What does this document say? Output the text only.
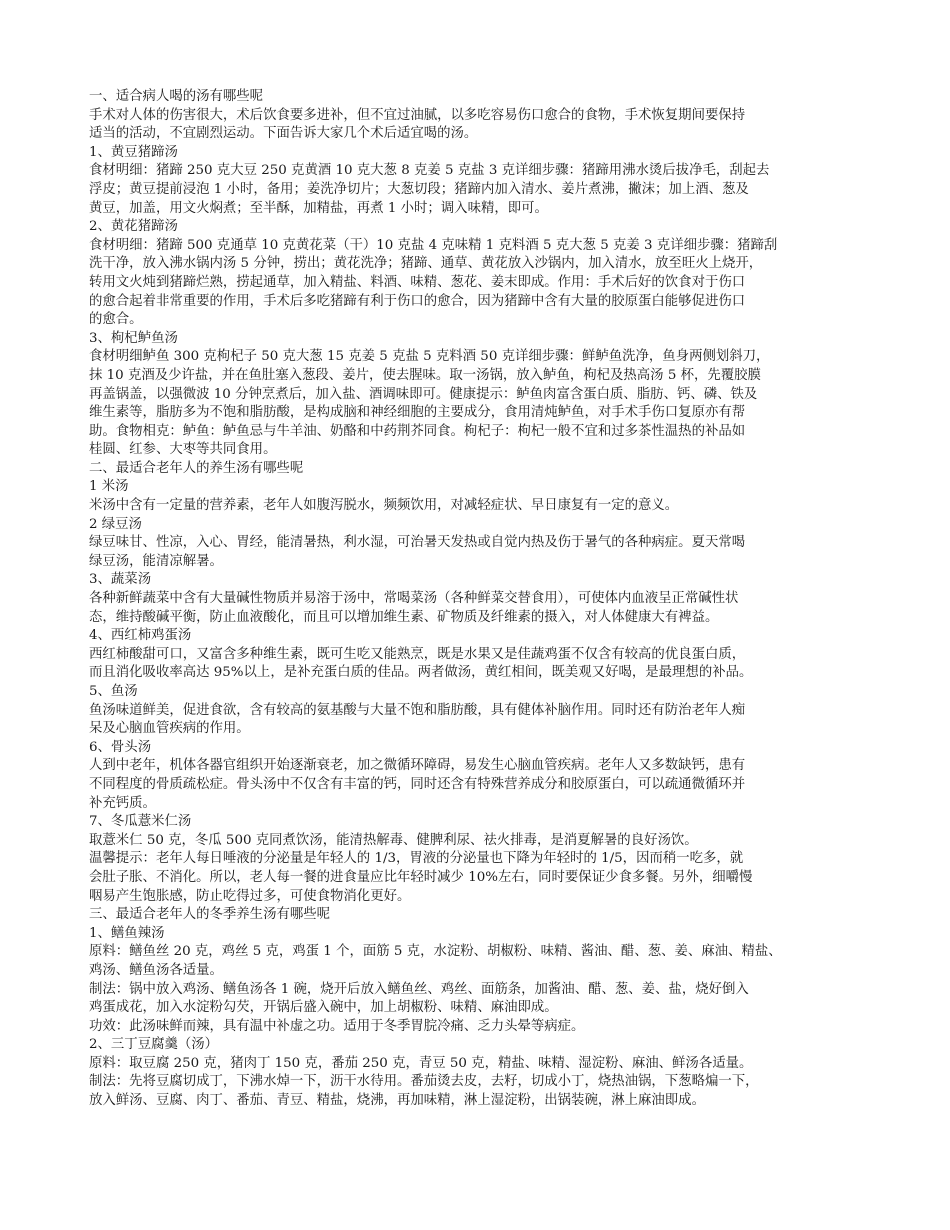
一、适合病人喝的汤有哪些呢
手术对人体的伤害很大，术后饮食要多进补，但不宜过油腻，以多吃容易伤口愈合的食物，手术恢复期间要保持
适当的活动，不宜剧烈运动。下面告诉大家几个术后适宜喝的汤。
1、黄豆猪蹄汤
食材明细：猪蹄 250 克大豆 250 克黄酒 10 克大葱 8 克姜 5 克盐 3 克详细步骤：猪蹄用沸水烫后拔净毛，刮起去
浮皮；黄豆提前浸泡 1 小时，备用；姜洗净切片；大葱切段；猪蹄内加入清水、姜片煮沸，撇沫；加上酒、葱及
黄豆，加盖，用文火焖煮；至半酥，加精盐，再煮 1 小时；调入味精，即可。
2、黄花猪蹄汤
食材明细：猪蹄 500 克通草 10 克黄花菜（干）10 克盐 4 克味精 1 克料酒 5 克大葱 5 克姜 3 克详细步骤：猪蹄刮
洗干净，放入沸水锅内汤 5 分钟，捞出；黄花洗净；猪蹄、通草、黄花放入沙锅内，加入清水，放至旺火上烧开，
转用文火炖到猪蹄烂熟，捞起通草，加入精盐、料酒、味精、葱花、姜末即成。作用：手术后好的饮食对于伤口
的愈合起着非常重要的作用，手术后多吃猪蹄有利于伤口的愈合，因为猪蹄中含有大量的胶原蛋白能够促进伤口
的愈合。
3、枸杞鲈鱼汤
食材明细鲈鱼 300 克枸杞子 50 克大葱 15 克姜 5 克盐 5 克料酒 50 克详细步骤：鲜鲈鱼洗净，鱼身两侧划斜刀，
抹 10 克酒及少许盐，并在鱼肚塞入葱段、姜片，使去腥味。取一汤锅，放入鲈鱼，枸杞及热高汤 5 杯，先覆胶膜
再盖锅盖，以强微波 10 分钟烹煮后，加入盐、酒调味即可。健康提示：鲈鱼肉富含蛋白质、脂肪、钙、磷、铁及
维生素等，脂肪多为不饱和脂肪酸，是构成脑和神经细胞的主要成分，食用清炖鲈鱼，对手术手伤口复原亦有帮
助。食物相克：鲈鱼：鲈鱼忌与牛羊油、奶酪和中药荆芥同食。枸杞子：枸杞一般不宜和过多茶性温热的补品如
桂圆、红参、大枣等共同食用。
二、最适合老年人的养生汤有哪些呢
1 米汤
米汤中含有一定量的营养素，老年人如腹泻脱水，频频饮用，对减轻症状、早日康复有一定的意义。
2 绿豆汤
绿豆味甘、性凉，入心、胃经，能清暑热，利水湿，可治暑天发热或自觉内热及伤于暑气的各种病症。夏天常喝
绿豆汤，能清凉解暑。
3、蔬菜汤
各种新鲜蔬菜中含有大量碱性物质并易溶于汤中，常喝菜汤（各种鲜菜交替食用），可使体内血液呈正常碱性状
态，维持酸碱平衡，防止血液酸化，而且可以增加维生素、矿物质及纤维素的摄入，对人体健康大有裨益。
4、西红柿鸡蛋汤
西红柿酸甜可口，又富含多种维生素，既可生吃又能熟烹，既是水果又是佳蔬鸡蛋不仅含有较高的优良蛋白质，
而且消化吸收率高达 95%以上，是补充蛋白质的佳品。两者做汤，黄红相间，既美观又好喝，是最理想的补品。
5、鱼汤
鱼汤味道鲜美，促进食欲，含有较高的氨基酸与大量不饱和脂肪酸，具有健体补脑作用。同时还有防治老年人痴
呆及心脑血管疾病的作用。
6、骨头汤
人到中老年，机体各器官组织开始逐渐衰老，加之微循环障碍，易发生心脑血管疾病。老年人又多数缺钙，患有
不同程度的骨质疏松症。骨头汤中不仅含有丰富的钙，同时还含有特殊营养成分和胶原蛋白，可以疏通微循环并
补充钙质。
7、冬瓜薏米仁汤
取薏米仁 50 克，冬瓜 500 克同煮饮汤，能清热解毒、健脾利尿、祛火排毒，是消夏解暑的良好汤饮。
温馨提示：老年人每日唾液的分泌量是年轻人的 1/3，胃液的分泌量也下降为年轻时的 1/5，因而稍一吃多，就
会肚子胀、不消化。所以，老人每一餐的进食量应比年轻时减少 10%左右，同时要保证少食多餐。另外，细嚼慢
咽易产生饱胀感，防止吃得过多，可使食物消化更好。
三、最适合老年人的冬季养生汤有哪些呢
1、鳝鱼辣汤
原料：鳝鱼丝 20 克，鸡丝 5 克，鸡蛋 1 个，面筋 5 克，水淀粉、胡椒粉、味精、酱油、醋、葱、姜、麻油、精盐、
鸡汤、鳝鱼汤各适量。
制法：锅中放入鸡汤、鳝鱼汤各 1 碗，烧开后放入鳝鱼丝、鸡丝、面筋条，加酱油、醋、葱、姜、盐，烧好倒入
鸡蛋成花，加入水淀粉勾芡，开锅后盛入碗中，加上胡椒粉、味精、麻油即成。
功效：此汤味鲜而辣，具有温中补虚之功。适用于冬季胃脘冷痛、乏力头晕等病症。
2、三丁豆腐羹（汤）
原料：取豆腐 250 克，猪肉丁 150 克，番茄 250 克，青豆 50 克，精盐、味精、湿淀粉、麻油、鲜汤各适量。
制法：先将豆腐切成丁，下沸水焯一下，沥干水待用。番茄烫去皮，去籽，切成小丁，烧热油锅，下葱略煸一下，
放入鲜汤、豆腐、肉丁、番茄、青豆、精盐，烧沸，再加味精，淋上湿淀粉，出锅装碗，淋上麻油即成。
